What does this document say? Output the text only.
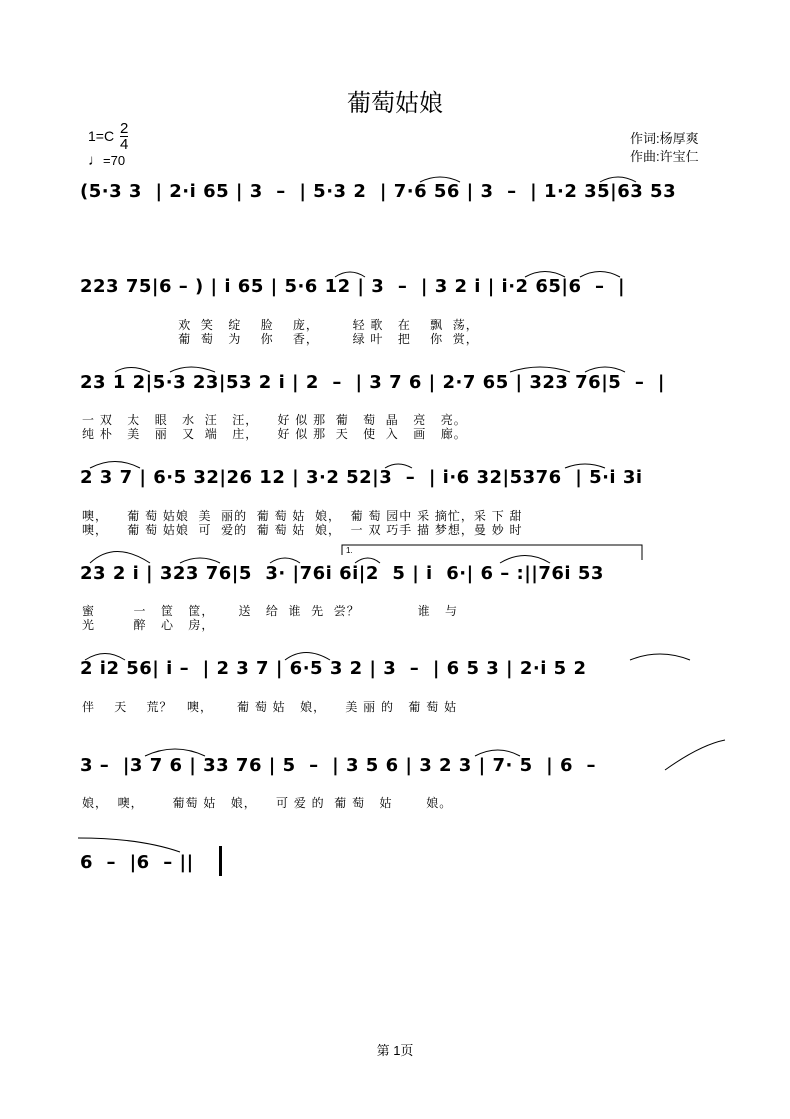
葡萄姑娘
1=C 2
4
♩=70
作词:杨厚爽
作曲:许宝仁
(5·3 3  | 2·i 65 | 3  –  | 5·3 2  | 7·6 56 | 3  –  | 1·2 35|63 53
223 75|6 – ) | i 65 | 5·6 12 | 3  –  | 3 2 i | i·2 65|6  –  |
欢  笑   绽    脸    庞，       轻 歌   在    飘  荡，
葡  萄   为    你    香，       绿 叶   把    你  赏，
23 1 2|5·3 23|53 2 i | 2  –  | 3 7 6 | 2·7 65 | 323 76|5  –  |
一 双   太   眼   水  汪   汪，    好 似 那  葡   萄  晶   亮   亮。
纯 朴   美   丽   又  端   庄，    好 似 那  天   使  入   画   廊。
2 3 7 | 6·5 32|26 12 | 3·2 52|3  –  | i·6 32|5376  | 5·i 3i
噢，    葡 萄 姑娘  美  丽的  葡 萄 姑  娘，  葡 萄 园中 采 摘忙，采 下 甜
噢，    葡 萄 姑娘  可  爱的  葡 萄 姑  娘，  一 双 巧手 描 梦想，曼 妙 时
23 2 i | 323 76|5  3· |76i 6i|2  5 | i  6·| 6 – :||76i 53
蜜        一   筐   筐，     送   给  谁  先  尝？            谁   与
光        醉   心   房，
2 i2 56| i –  | 2 3 7 | 6·5 3 2 | 3  –  | 6 5 3 | 2·i 5 2
伴    天    荒？   噢，     葡 萄 姑   娘，    美 丽 的   葡 萄 姑
3 –  |3 7 6 | 33 76 | 5  –  | 3 5 6 | 3 2 3 | 7· 5  | 6  –
娘，  噢，      葡萄 姑   娘，    可 爱 的  葡 萄   姑       娘。
6  –  |6  – ||
第 1页
1.
